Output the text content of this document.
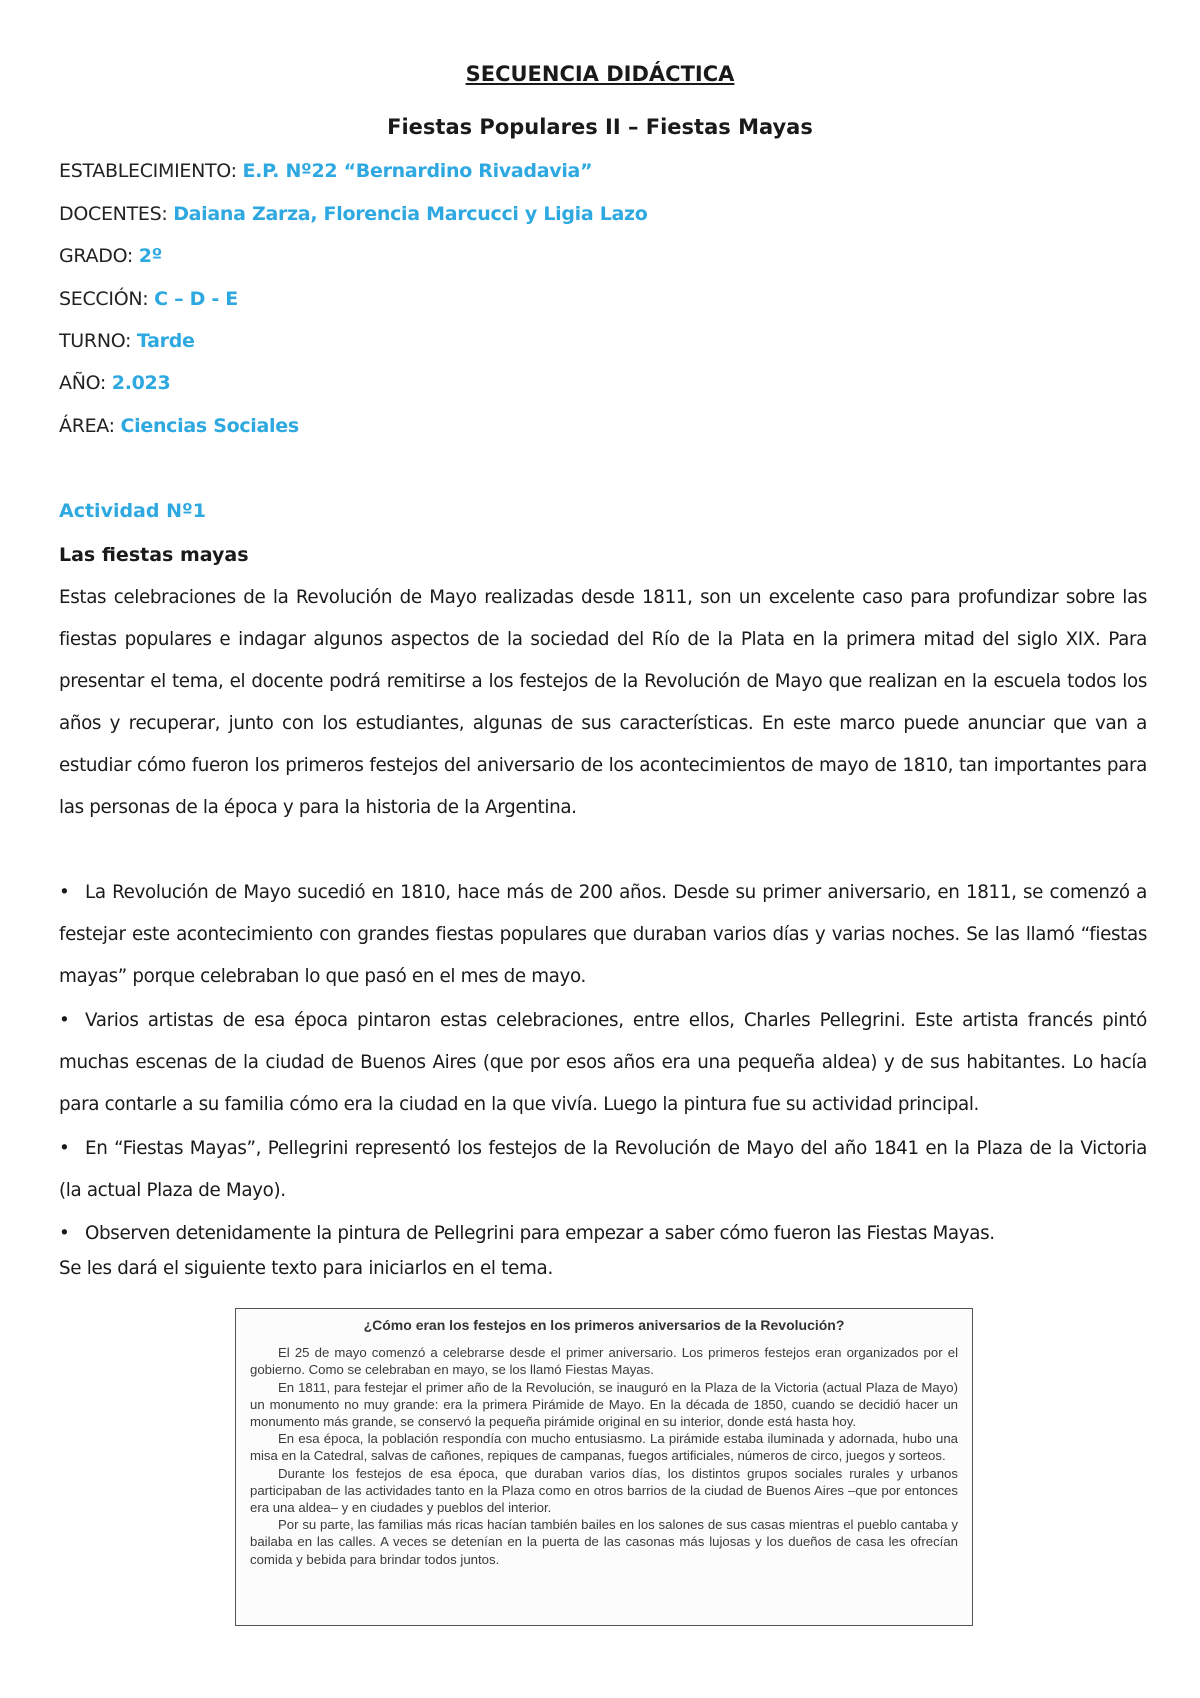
SECUENCIA DIDÁCTICA
Fiestas Populares II – Fiestas Mayas
ESTABLECIMIENTO: E.P. Nº22 “Bernardino Rivadavia”
DOCENTES: Daiana Zarza, Florencia Marcucci y Ligia Lazo
GRADO: 2º
SECCIÓN: C – D - E
TURNO: Tarde
AÑO: 2.023
ÁREA: Ciencias Sociales
Actividad Nº1
Las fiestas mayas
Estas celebraciones de la Revolución de Mayo realizadas desde 1811, son un excelente caso para profundizar sobre las fiestas populares e indagar algunos aspectos de la sociedad del Río de la Plata en la primera mitad del siglo XIX. Para presentar el tema, el docente podrá remitirse a los festejos de la Revolución de Mayo que realizan en la escuela todos los años y recuperar, junto con los estudiantes, algunas de sus características. En este marco puede anunciar que van a estudiar cómo fueron los primeros festejos del aniversario de los acontecimientos de mayo de 1810, tan importantes para las personas de la época y para la historia de la Argentina.
• La Revolución de Mayo sucedió en 1810, hace más de 200 años. Desde su primer aniversario, en 1811, se comenzó a festejar este acontecimiento con grandes fiestas populares que duraban varios días y varias noches. Se las llamó “fiestas mayas” porque celebraban lo que pasó en el mes de mayo.
• Varios artistas de esa época pintaron estas celebraciones, entre ellos, Charles Pellegrini. Este artista francés pintó muchas escenas de la ciudad de Buenos Aires (que por esos años era una pequeña aldea) y de sus habitantes. Lo hacía para contarle a su familia cómo era la ciudad en la que vivía. Luego la pintura fue su actividad principal.
• En “Fiestas Mayas”, Pellegrini representó los festejos de la Revolución de Mayo del año 1841 en la Plaza de la Victoria (la actual Plaza de Mayo).
• Observen detenidamente la pintura de Pellegrini para empezar a saber cómo fueron las Fiestas Mayas.
Se les dará el siguiente texto para iniciarlos en el tema.
¿Cómo eran los festejos en los primeros aniversarios de la Revolución?

El 25 de mayo comenzó a celebrarse desde el primer aniversario. Los primeros festejos eran organizados por el gobierno. Como se celebraban en mayo, se los llamó Fiestas Mayas.

En 1811, para festejar el primer año de la Revolución, se inauguró en la Plaza de la Victoria (actual Plaza de Mayo) un monumento no muy grande: era la primera Pirámide de Mayo. En la década de 1850, cuando se decidió hacer un monumento más grande, se conservó la pequeña pirámide original en su interior, donde está hasta hoy.

En esa época, la población respondía con mucho entusiasmo. La pirámide estaba iluminada y adornada, hubo una misa en la Catedral, salvas de cañones, repiques de campanas, fuegos artificiales, números de circo, juegos y sorteos.

Durante los festejos de esa época, que duraban varios días, los distintos grupos sociales rurales y urbanos participaban de las actividades tanto en la Plaza como en otros barrios de la ciudad de Buenos Aires –que por entonces era una aldea– y en ciudades y pueblos del interior.

Por su parte, las familias más ricas hacían también bailes en los salones de sus casas mientras el pueblo cantaba y bailaba en las calles. A veces se detenían en la puerta de las casonas más lujosas y los dueños de casa les ofrecían comida y bebida para brindar todos juntos.
